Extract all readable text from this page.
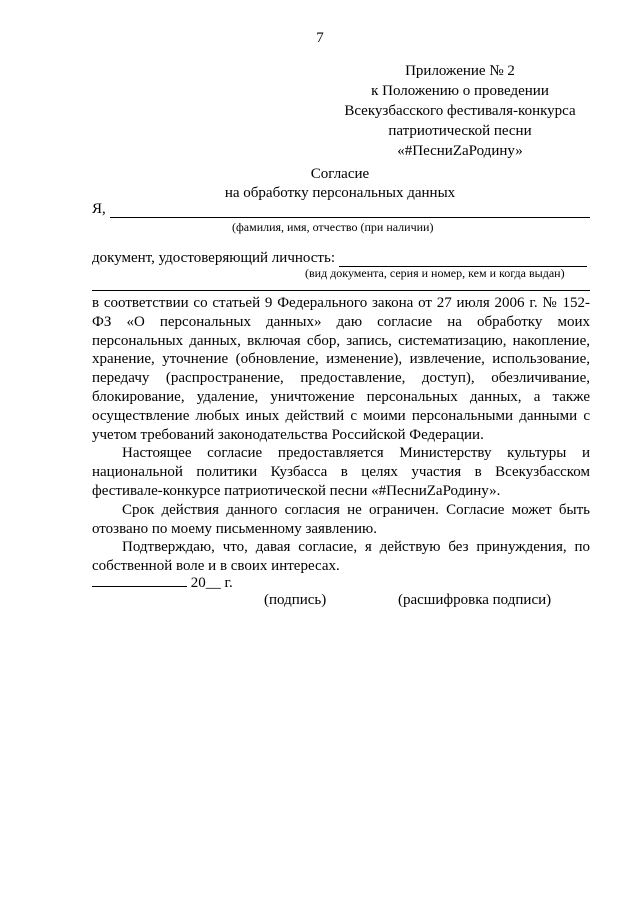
7
Приложение № 2
к Положению о проведении
Всекузбасского фестиваля-конкурса
патриотической песни
«#ПесниZaРодину»
Согласие
на обработку персональных данных
Я,
(фамилия, имя, отчество (при наличии)
документ, удостоверяющий личность:
(вид документа, серия и номер, кем и когда выдан)

в соответствии со статьей 9 Федерального закона от 27 июля 2006 г. № 152-ФЗ «О персональных данных» даю согласие на обработку моих персональных данных, включая сбор, запись, систематизацию, накопление, хранение, уточнение (обновление, изменение), извлечение, использование, передачу (распространение, предоставление, доступ), обезличивание, блокирование, удаление, уничтожение персональных данных, а также осуществление любых иных действий с моими персональными данными с учетом требований законодательства Российской Федерации.

Настоящее согласие предоставляется Министерству культуры и национальной политики Кузбасса в целях участия в Всекузбасском фестивале-конкурсе патриотической песни «#ПесниZaРодину».

Срок действия данного согласия не ограничен. Согласие может быть отозвано по моему письменному заявлению.

Подтверждаю, что, давая согласие, я действую без принуждения, по собственной воле и в своих интересах.

20__ г.
(подпись)	(расшифровка подписи)
